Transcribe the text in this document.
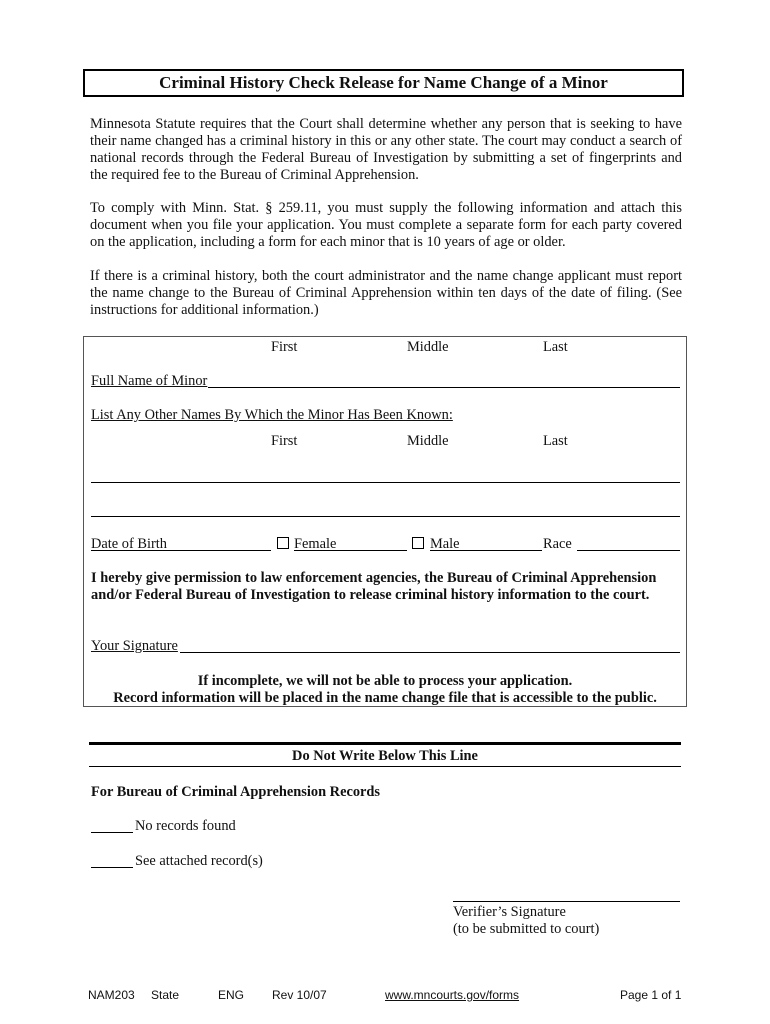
Criminal History Check Release for Name Change of a Minor

Minnesota Statute requires that the Court shall determine whether any person that is seeking to have their name changed has a criminal history in this or any other state. The court may conduct a search of national records through the Federal Bureau of Investigation by submitting a set of fingerprints and the required fee to the Bureau of Criminal Apprehension.

To comply with Minn. Stat. § 259.11, you must supply the following information and attach this document when you file your application. You must complete a separate form for each party covered on the application, including a form for each minor that is 10 years of age or older.

If there is a criminal history, both the court administrator and the name change applicant must report the name change to the Bureau of Criminal Apprehension within ten days of the date of filing. (See instructions for additional information.)

First	Middle	Last
Full Name of Minor
List Any Other Names By Which the Minor Has Been Known:
First	Middle	Last
Date of Birth	Female	Male	Race

I hereby give permission to law enforcement agencies, the Bureau of Criminal Apprehension and/or Federal Bureau of Investigation to release criminal history information to the court.

Your Signature
If incomplete, we will not be able to process your application.
Record information will be placed in the name change file that is accessible to the public.
Do Not Write Below This Line
For Bureau of Criminal Apprehension Records
No records found
See attached record(s)
Verifier’s Signature
(to be submitted to court)
NAM203 State	ENG Rev 10/07	www.mncourts.gov/forms	Page 1 of 1
